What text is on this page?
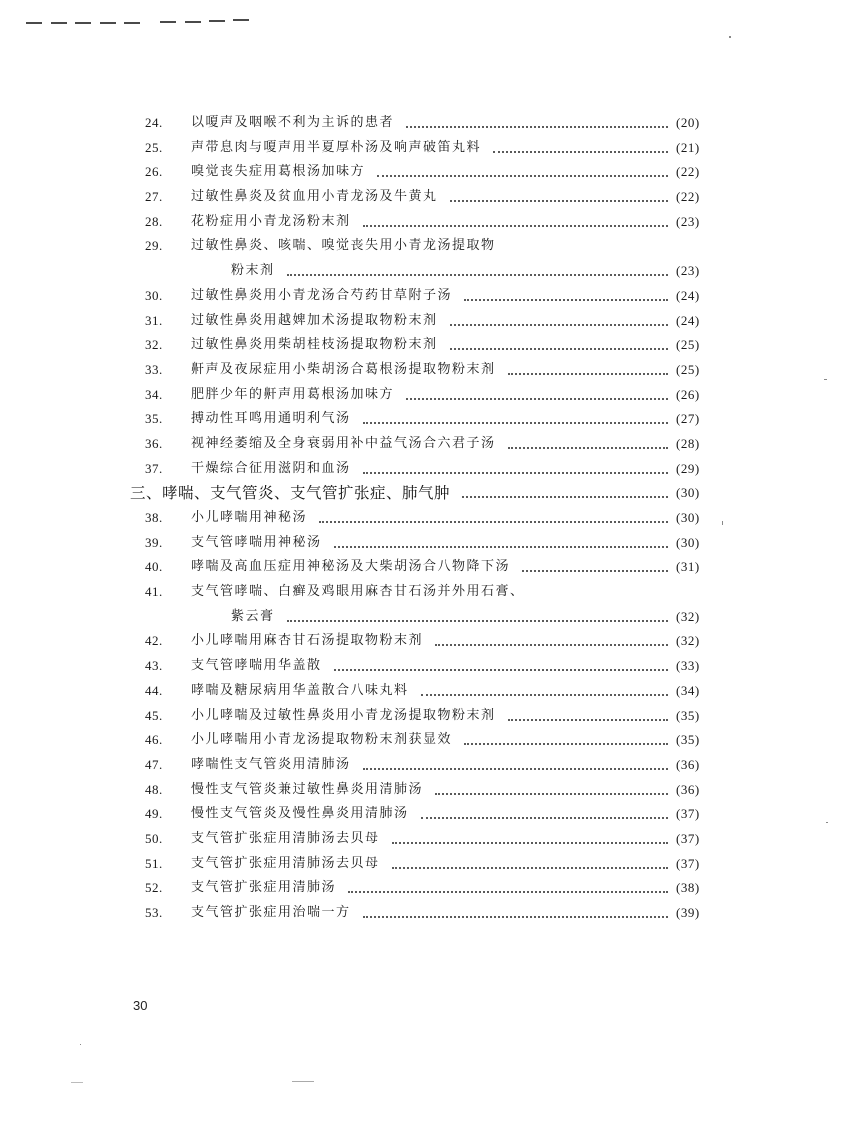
24. 以嗄声及咽喉不利为主诉的患者	(20)
25. 声带息肉与嗄声用半夏厚朴汤及响声破笛丸料	(21)
26. 嗅觉丧失症用葛根汤加味方	(22)
27. 过敏性鼻炎及贫血用小青龙汤及牛黄丸	(22)
28. 花粉症用小青龙汤粉末剂	(23)
29. 过敏性鼻炎、咳喘、嗅觉丧失用小青龙汤提取物
粉末剂	(23)
30. 过敏性鼻炎用小青龙汤合芍药甘草附子汤	(24)
31. 过敏性鼻炎用越婢加术汤提取物粉末剂	(24)
32. 过敏性鼻炎用柴胡桂枝汤提取物粉末剂	(25)
33. 鼾声及夜尿症用小柴胡汤合葛根汤提取物粉末剂	(25)
34. 肥胖少年的鼾声用葛根汤加味方	(26)
35. 搏动性耳鸣用通明利气汤	(27)
36. 视神经萎缩及全身衰弱用补中益气汤合六君子汤	(28)
37. 干燥综合征用滋阴和血汤	(29)
三、哮喘、支气管炎、支气管扩张症、肺气肿	(30)
38. 小儿哮喘用神秘汤	(30)
39. 支气管哮喘用神秘汤	(30)
40. 哮喘及高血压症用神秘汤及大柴胡汤合八物降下汤	(31)
41. 支气管哮喘、白癣及鸡眼用麻杏甘石汤并外用石膏、
紫云膏	(32)
42. 小儿哮喘用麻杏甘石汤提取物粉末剂	(32)
43. 支气管哮喘用华盖散	(33)
44. 哮喘及糖尿病用华盖散合八味丸料	(34)
45. 小儿哮喘及过敏性鼻炎用小青龙汤提取物粉末剂	(35)
46. 小儿哮喘用小青龙汤提取物粉末剂获显效	(35)
47. 哮喘性支气管炎用清肺汤	(36)
48. 慢性支气管炎兼过敏性鼻炎用清肺汤	(36)
49. 慢性支气管炎及慢性鼻炎用清肺汤	(37)
50. 支气管扩张症用清肺汤去贝母	(37)
51. 支气管扩张症用清肺汤去贝母	(37)
52. 支气管扩张症用清肺汤	(38)
53. 支气管扩张症用治喘一方	(39)
30
